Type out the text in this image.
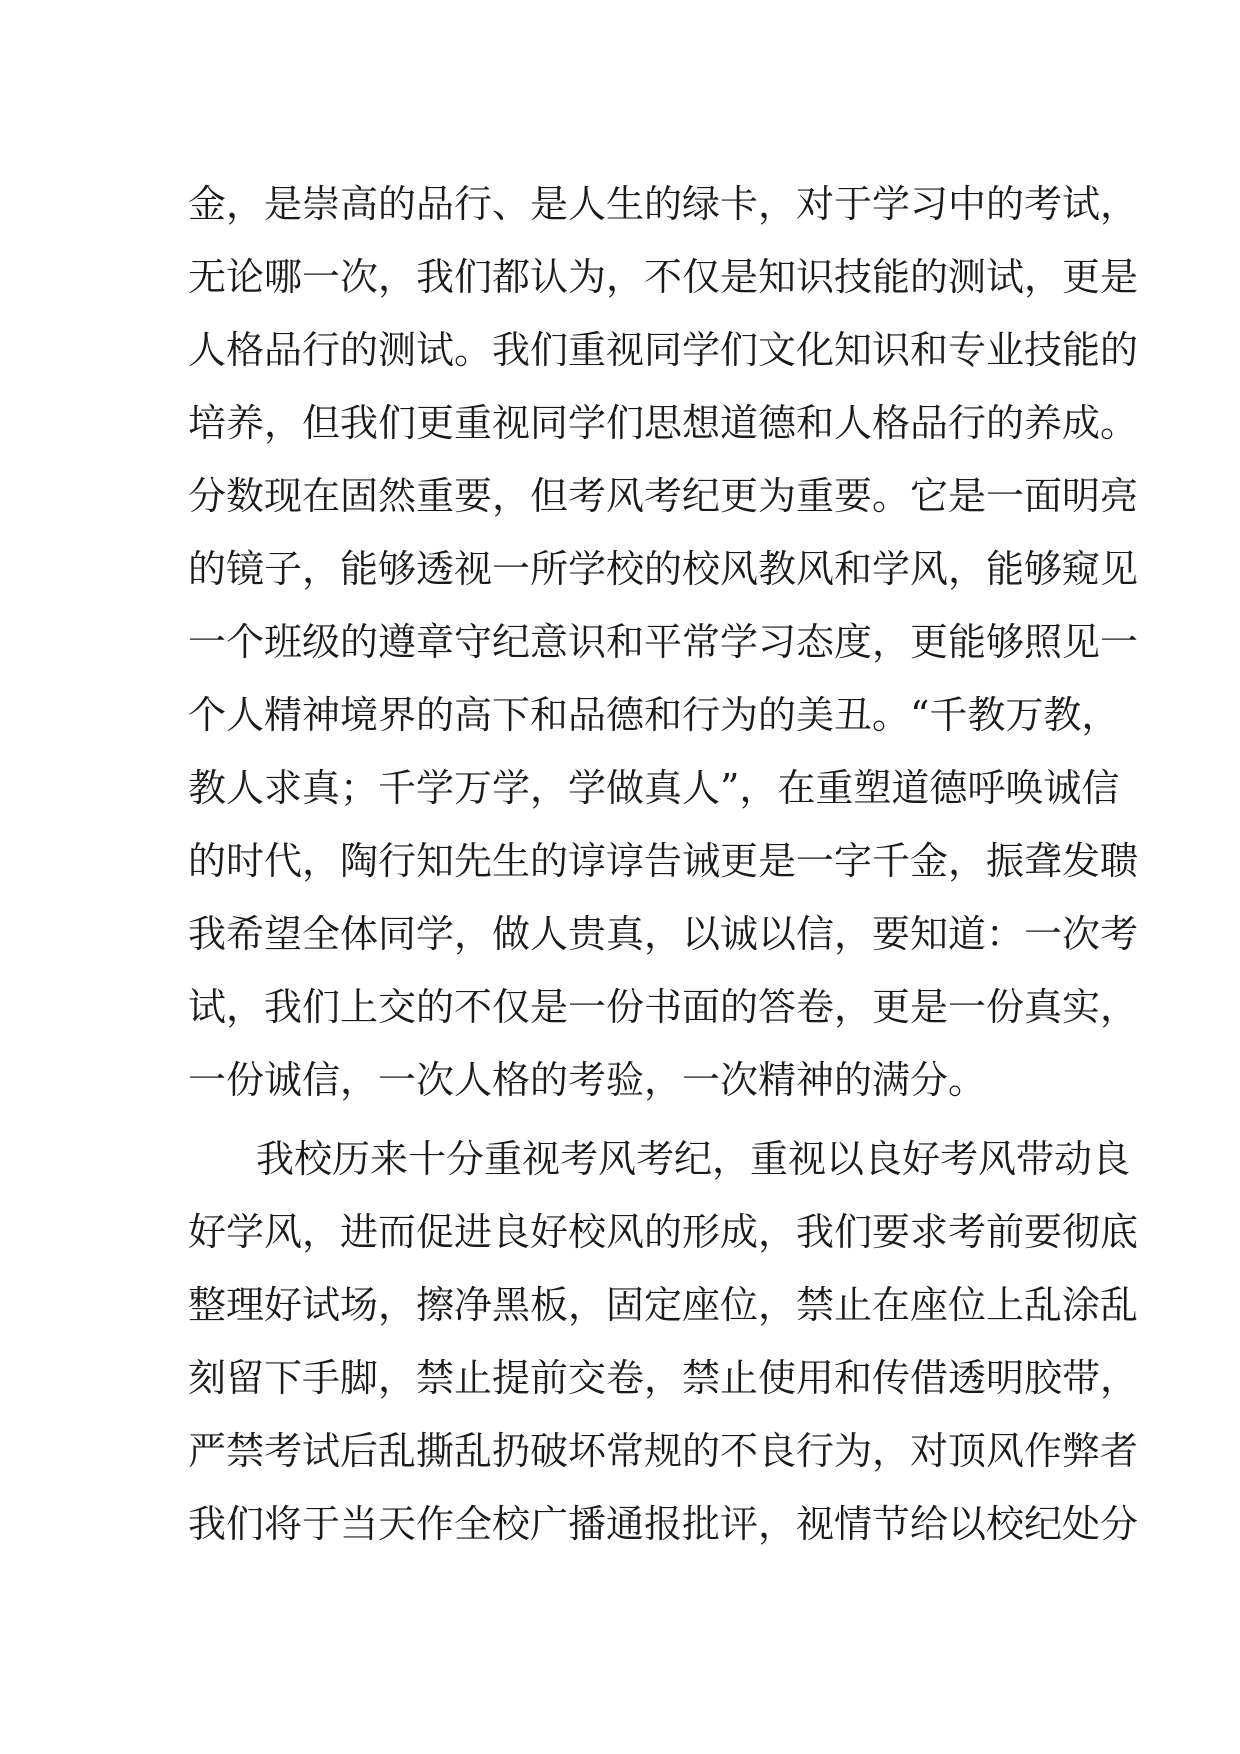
金，是崇高的品行、是人生的绿卡，对于学习中的考试，
无论哪一次，我们都认为，不仅是知识技能的测试，更是
人格品行的测试。我们重视同学们文化知识和专业技能的
培养，但我们更重视同学们思想道德和人格品行的养成。
分数现在固然重要，但考风考纪更为重要。它是一面明亮
的镜子，能够透视一所学校的校风教风和学风，能够窥见
一个班级的遵章守纪意识和平常学习态度，更能够照见一
个人精神境界的高下和品德和行为的美丑。“千教万教，
教人求真；千学万学，学做真人”，在重塑道德呼唤诚信
的时代，陶行知先生的谆谆告诫更是一字千金，振聋发聩
我希望全体同学，做人贵真，以诚以信，要知道：一次考
试，我们上交的不仅是一份书面的答卷，更是一份真实，
一份诚信，一次人格的考验，一次精神的满分。
我校历来十分重视考风考纪，重视以良好考风带动良
好学风，进而促进良好校风的形成，我们要求考前要彻底
整理好试场，擦净黑板，固定座位，禁止在座位上乱涂乱
刻留下手脚，禁止提前交卷，禁止使用和传借透明胶带，
严禁考试后乱撕乱扔破坏常规的不良行为，对顶风作弊者
我们将于当天作全校广播通报批评，视情节给以校纪处分
